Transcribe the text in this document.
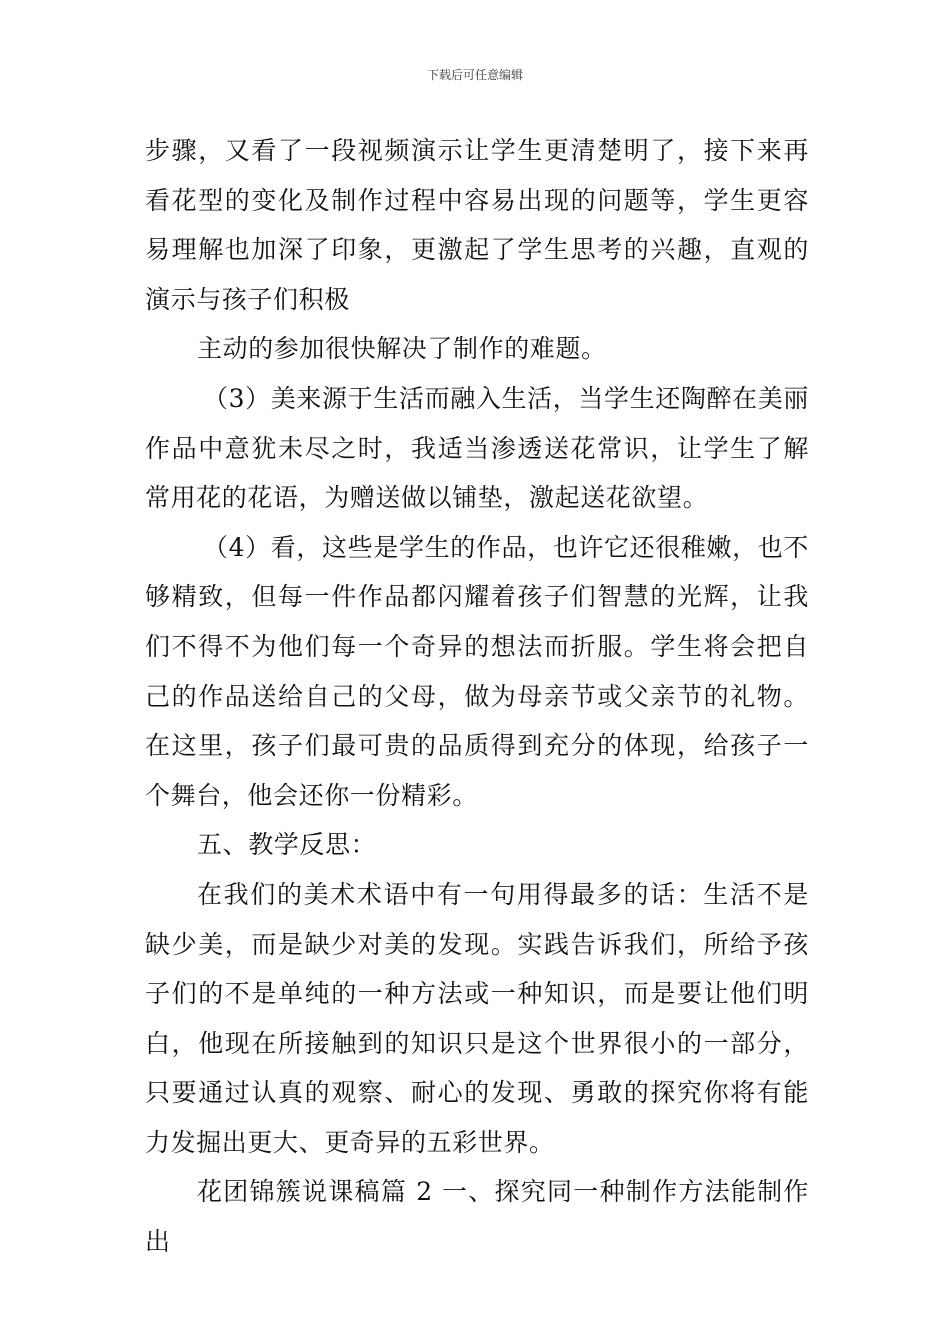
下载后可任意编辑

步骤，又看了一段视频演示让学生更清楚明了，接下来再看花型的变化及制作过程中容易出现的问题等，学生更容易理解也加深了印象，更激起了学生思考的兴趣，直观的演示与孩子们积极

主动的参加很快解决了制作的难题。

（3）美来源于生活而融入生活，当学生还陶醉在美丽作品中意犹未尽之时，我适当渗透送花常识，让学生了解常用花的花语，为赠送做以铺垫，激起送花欲望。

（4）看，这些是学生的作品，也许它还很稚嫩，也不够精致，但每一件作品都闪耀着孩子们智慧的光辉，让我们不得不为他们每一个奇异的想法而折服。学生将会把自己的作品送给自己的父母，做为母亲节或父亲节的礼物。在这里，孩子们最可贵的品质得到充分的体现，给孩子一个舞台，他会还你一份精彩。

五、教学反思：

在我们的美术术语中有一句用得最多的话：生活不是缺少美，而是缺少对美的发现。实践告诉我们，所给予孩子们的不是单纯的一种方法或一种知识，而是要让他们明白，他现在所接触到的知识只是这个世界很小的一部分，只要通过认真的观察、耐心的发现、勇敢的探究你将有能力发掘出更大、更奇异的五彩世界。

花团锦簇说课稿篇 2 一、探究同一种制作方法能制作出
